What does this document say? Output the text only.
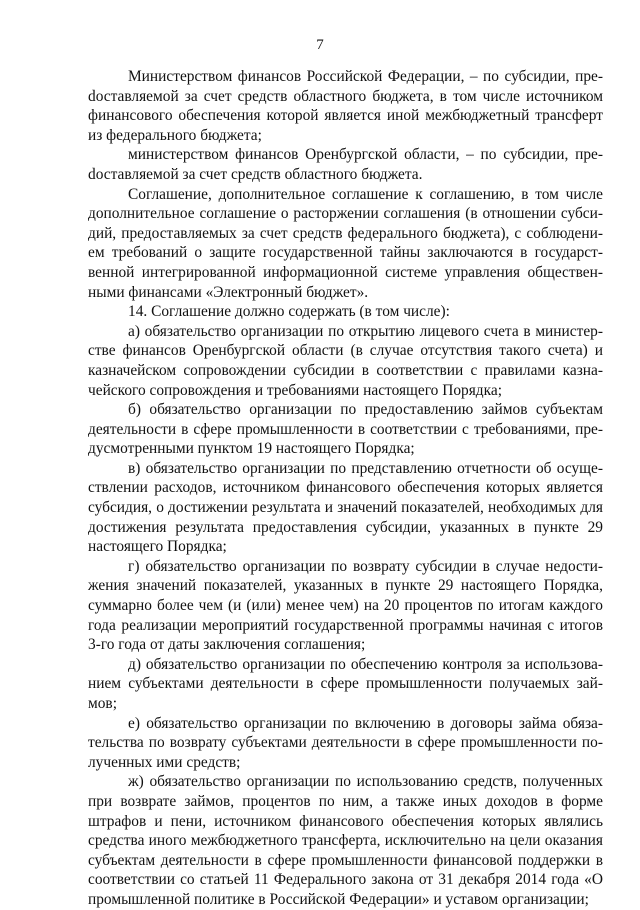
7

Министерством финансов Российской Федерации, – по субсидии, преdоставляемой за счет средств областного бюджета, в том числе источником финансового обеспечения которой является иной межбюджетный трансферт из федерального бюджета;

министерством финансов Оренбургской области, – по субсидии, преdоставляемой за счет средств областного бюджета.

Соглашение, дополнительное соглашение к соглашению, в том числе дополнительное соглашение о расторжении соглашения (в отношении субсидий, предоставляемых за счет средств федерального бюджета), с соблюдением требований о защите государственной тайны заключаются в государственной интегрированной информационной системе управления общественными финансами «Электронный бюджет».

14. Соглашение должно содержать (в том числе):

а) обязательство организации по открытию лицевого счета в министерстве финансов Оренбургской области (в случае отсутствия такого счета) и казначейском сопровождении субсидии в соответствии с правилами казначейского сопровождения и требованиями настоящего Порядка;

б) обязательство организации по предоставлению займов субъектам деятельности в сфере промышленности в соответствии с требованиями, предусмотренными пунктом 19 настоящего Порядка;

в) обязательство организации по представлению отчетности об осуществлении расходов, источником финансового обеспечения которых является субсидия, о достижении результата и значений показателей, необходимых для достижения результата предоставления субсидии, указанных в пункте 29 настоящего Порядка;

г) обязательство организации по возврату субсидии в случае недостижения значений показателей, указанных в пункте 29 настоящего Порядка, суммарно более чем (и (или) менее чем) на 20 процентов по итогам каждого года реализации мероприятий государственной программы начиная с итогов 3-го года от даты заключения соглашения;

д) обязательство организации по обеспечению контроля за использованием субъектами деятельности в сфере промышленности получаемых займов;

е) обязательство организации по включению в договоры займа обязательства по возврату субъектами деятельности в сфере промышленности полученных ими средств;

ж) обязательство организации по использованию средств, полученных при возврате займов, процентов по ним, а также иных доходов в форме штрафов и пени, источником финансового обеспечения которых являлись средства иного межбюджетного трансферта, исключительно на цели оказания субъектам деятельности в сфере промышленности финансовой поддержки в соответствии со статьей 11 Федерального закона от 31 декабря 2014 года «О промышленной политике в Российской Федерации» и уставом организации;
